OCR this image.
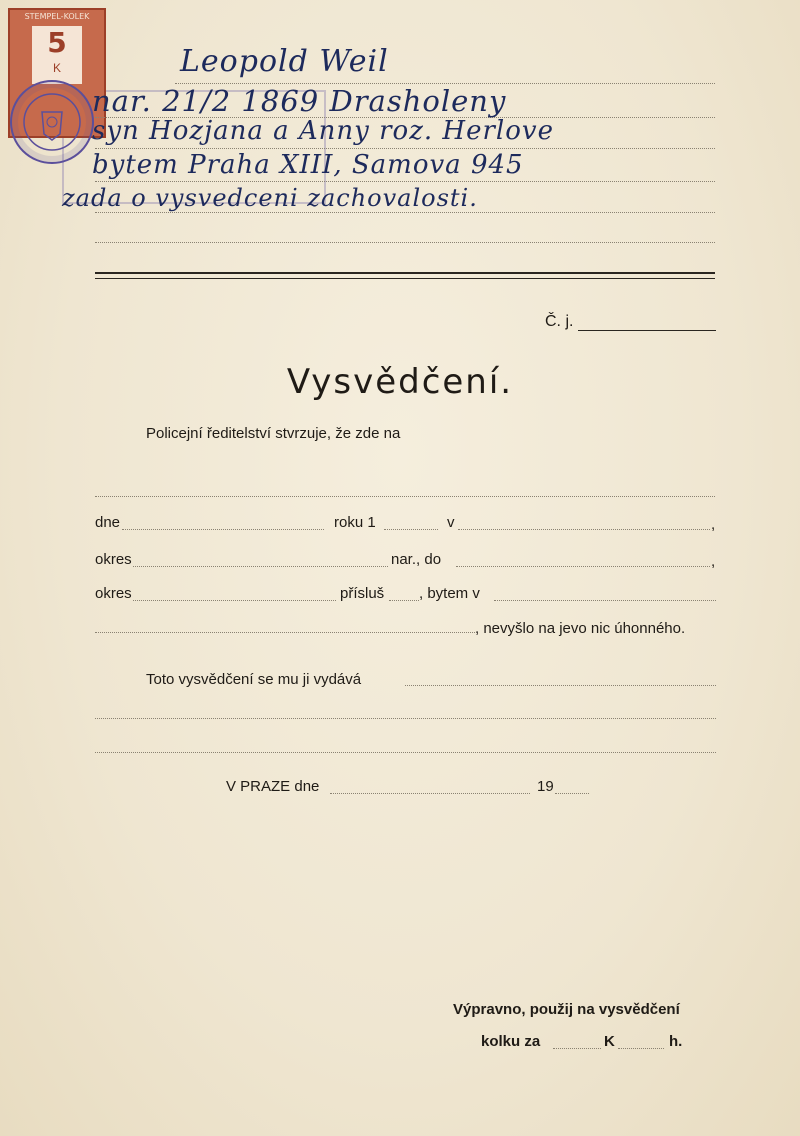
STEMPEL-KOLEK
5
K	Leopold Weil
nar. 21/2 1869 Drasholeny
syn Hozjana a Anny roz. Herlove
bytem Praha XIII, Samova 945
zada o vysvedceni zachovalosti.
Č. j.
Vysvědčení.
Policejní ředitelství stvrzuje, že zde na
dne	roku 1	v	,
okres	nar., do	,
okres	přísluš , bytem v
, nevyšlo na jevo nic úhonného.
Toto vysvědčení se mu ji vydává
V PRAZE dne	19
Výpravno, použij na vysvědčení
kolku za	K	h.
